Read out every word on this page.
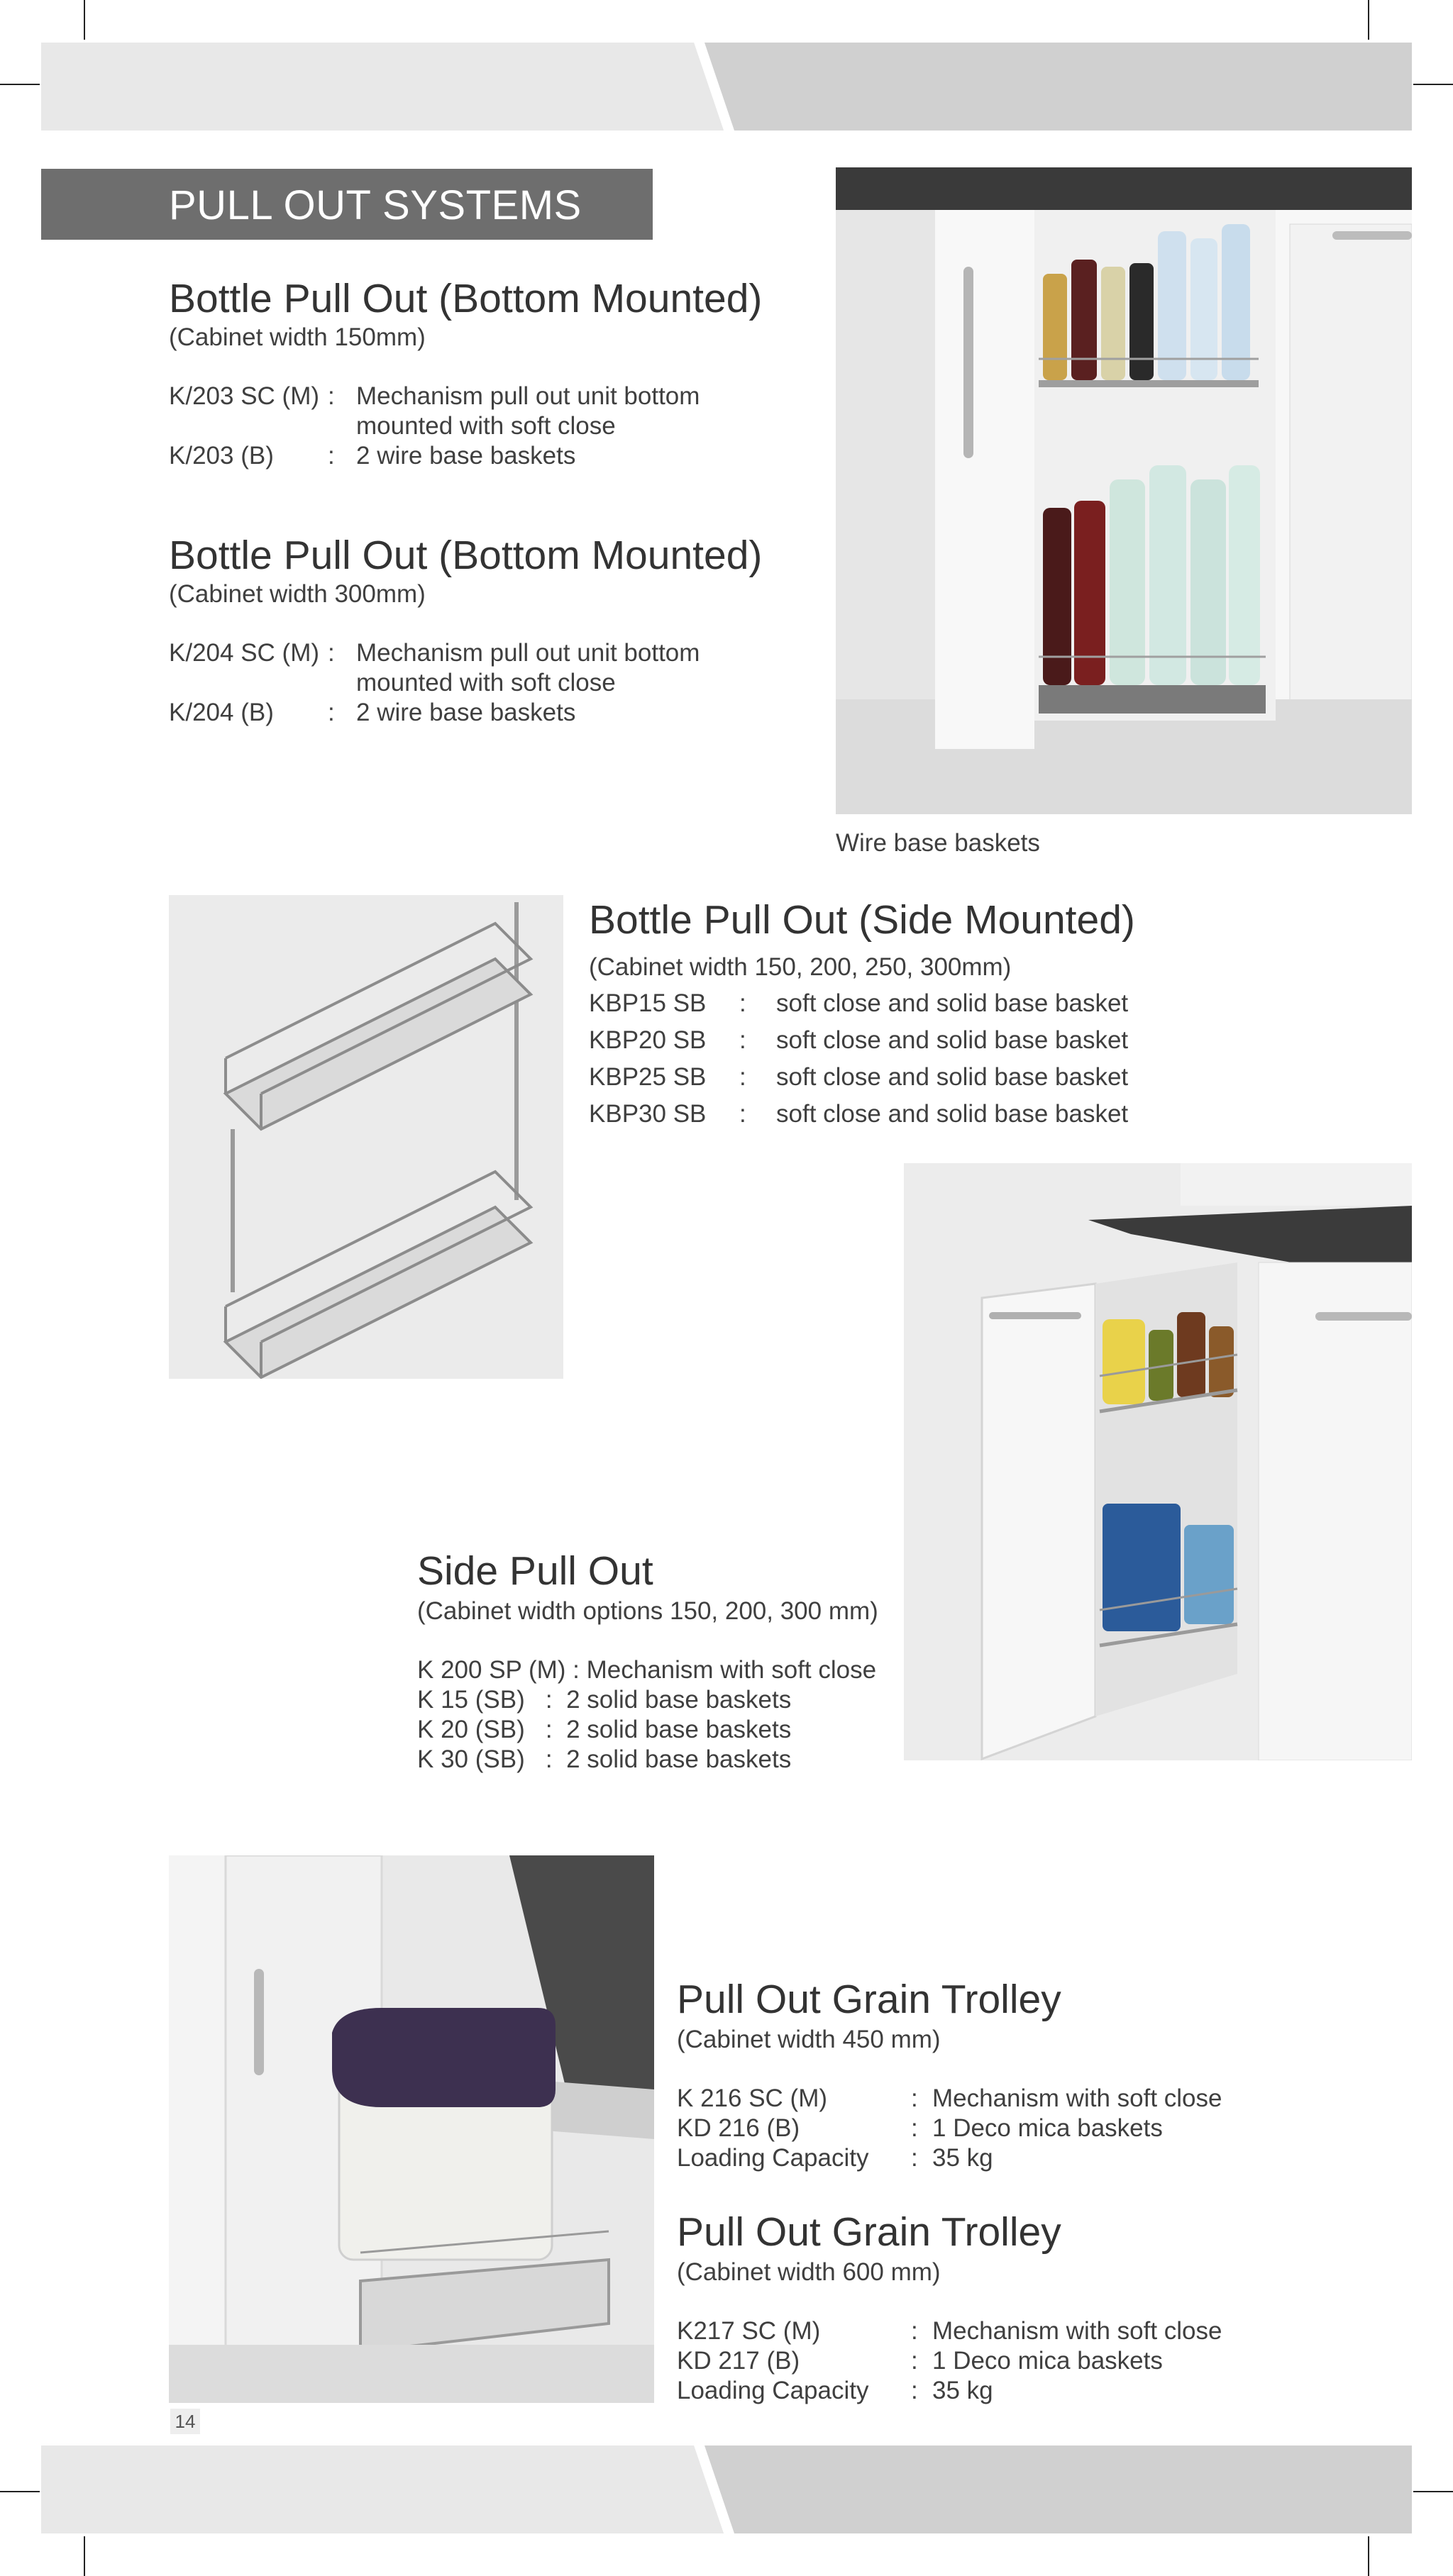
PULL OUT SYSTEMS
Bottle Pull Out (Bottom Mounted)
(Cabinet width 150mm)
K/203 SC (M) : Mechanism pull out unit bottom
mounted with soft close
K/203 (B) : 2 wire base baskets
Bottle Pull Out (Bottom Mounted)
(Cabinet width 300mm)
K/204 SC (M) : Mechanism pull out unit bottom
mounted with soft close
K/204 (B) : 2 wire base baskets
Wire base baskets
Bottle Pull Out (Side Mounted)
(Cabinet width 150, 200, 250, 300mm)
KBP15 SB : soft close and solid base basket
KBP20 SB : soft close and solid base basket
KBP25 SB : soft close and solid base basket
KBP30 SB : soft close and solid base basket
Side Pull Out
(Cabinet width options 150, 200, 300 mm)
K 200 SP (M) : Mechanism with soft close
K 15 (SB)   :  2 solid base baskets
K 20 (SB)   :  2 solid base baskets
K 30 (SB)   :  2 solid base baskets
Pull Out Grain Trolley
(Cabinet width 450 mm)
K 216 SC (M)	: Mechanism with soft close
KD 216 (B)	: 1 Deco mica baskets
Loading Capacity : 35 kg
Pull Out Grain Trolley
(Cabinet width 600 mm)
K217 SC (M)	: Mechanism with soft close
KD 217 (B)	: 1 Deco mica baskets
Loading Capacity : 35 kg
14
